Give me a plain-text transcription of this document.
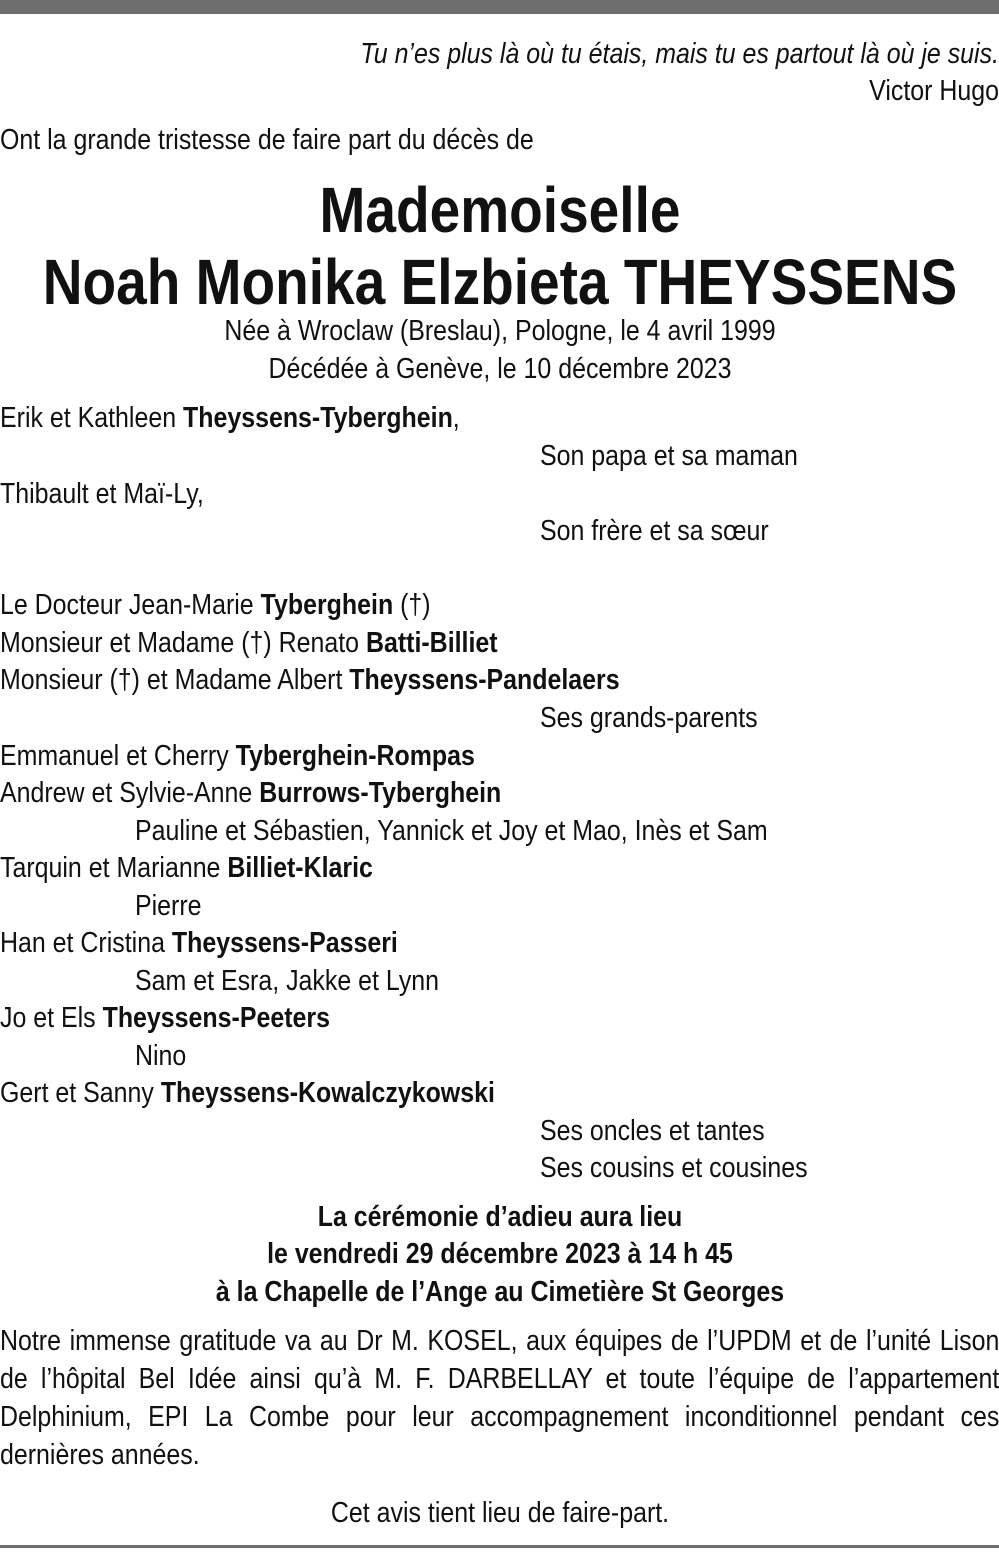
Tu n’es plus là où tu étais, mais tu es partout là où je suis.
Victor Hugo
Ont la grande tristesse de faire part du décès de
Mademoiselle
Noah Monika Elzbieta THEYSSENS
Née à Wroclaw (Breslau), Pologne, le 4 avril 1999
Décédée à Genève, le 10 décembre 2023
Erik et Kathleen Theyssens-Tyberghein,
Son papa et sa maman
Thibault et Maï-Ly,
Son frère et sa sœur
Le Docteur Jean-Marie Tyberghein (†)
Monsieur et Madame (†) Renato Batti-Billiet
Monsieur (†) et Madame Albert Theyssens-Pandelaers
Ses grands-parents
Emmanuel et Cherry Tyberghein-Rompas
Andrew et Sylvie-Anne Burrows-Tyberghein
Pauline et Sébastien, Yannick et Joy et Mao, Inès et Sam
Tarquin et Marianne Billiet-Klaric
Pierre
Han et Cristina Theyssens-Passeri
Sam et Esra, Jakke et Lynn
Jo et Els Theyssens-Peeters
Nino
Gert et Sanny Theyssens-Kowalczykowski
Ses oncles et tantes
Ses cousins et cousines
La cérémonie d’adieu aura lieu
le vendredi 29 décembre 2023 à 14 h 45
à la Chapelle de l’Ange au Cimetière St Georges
Notre immense gratitude va au Dr M. KOSEL, aux équipes de l’UPDM et de l’unité Lison de l’hôpital Bel Idée ainsi qu’à M. F. DARBELLAY et toute l’équipe de l’appartement Delphinium, EPI La Combe pour leur accompagnement inconditionnel pendant ces dernières années.
Cet avis tient lieu de faire-part.
